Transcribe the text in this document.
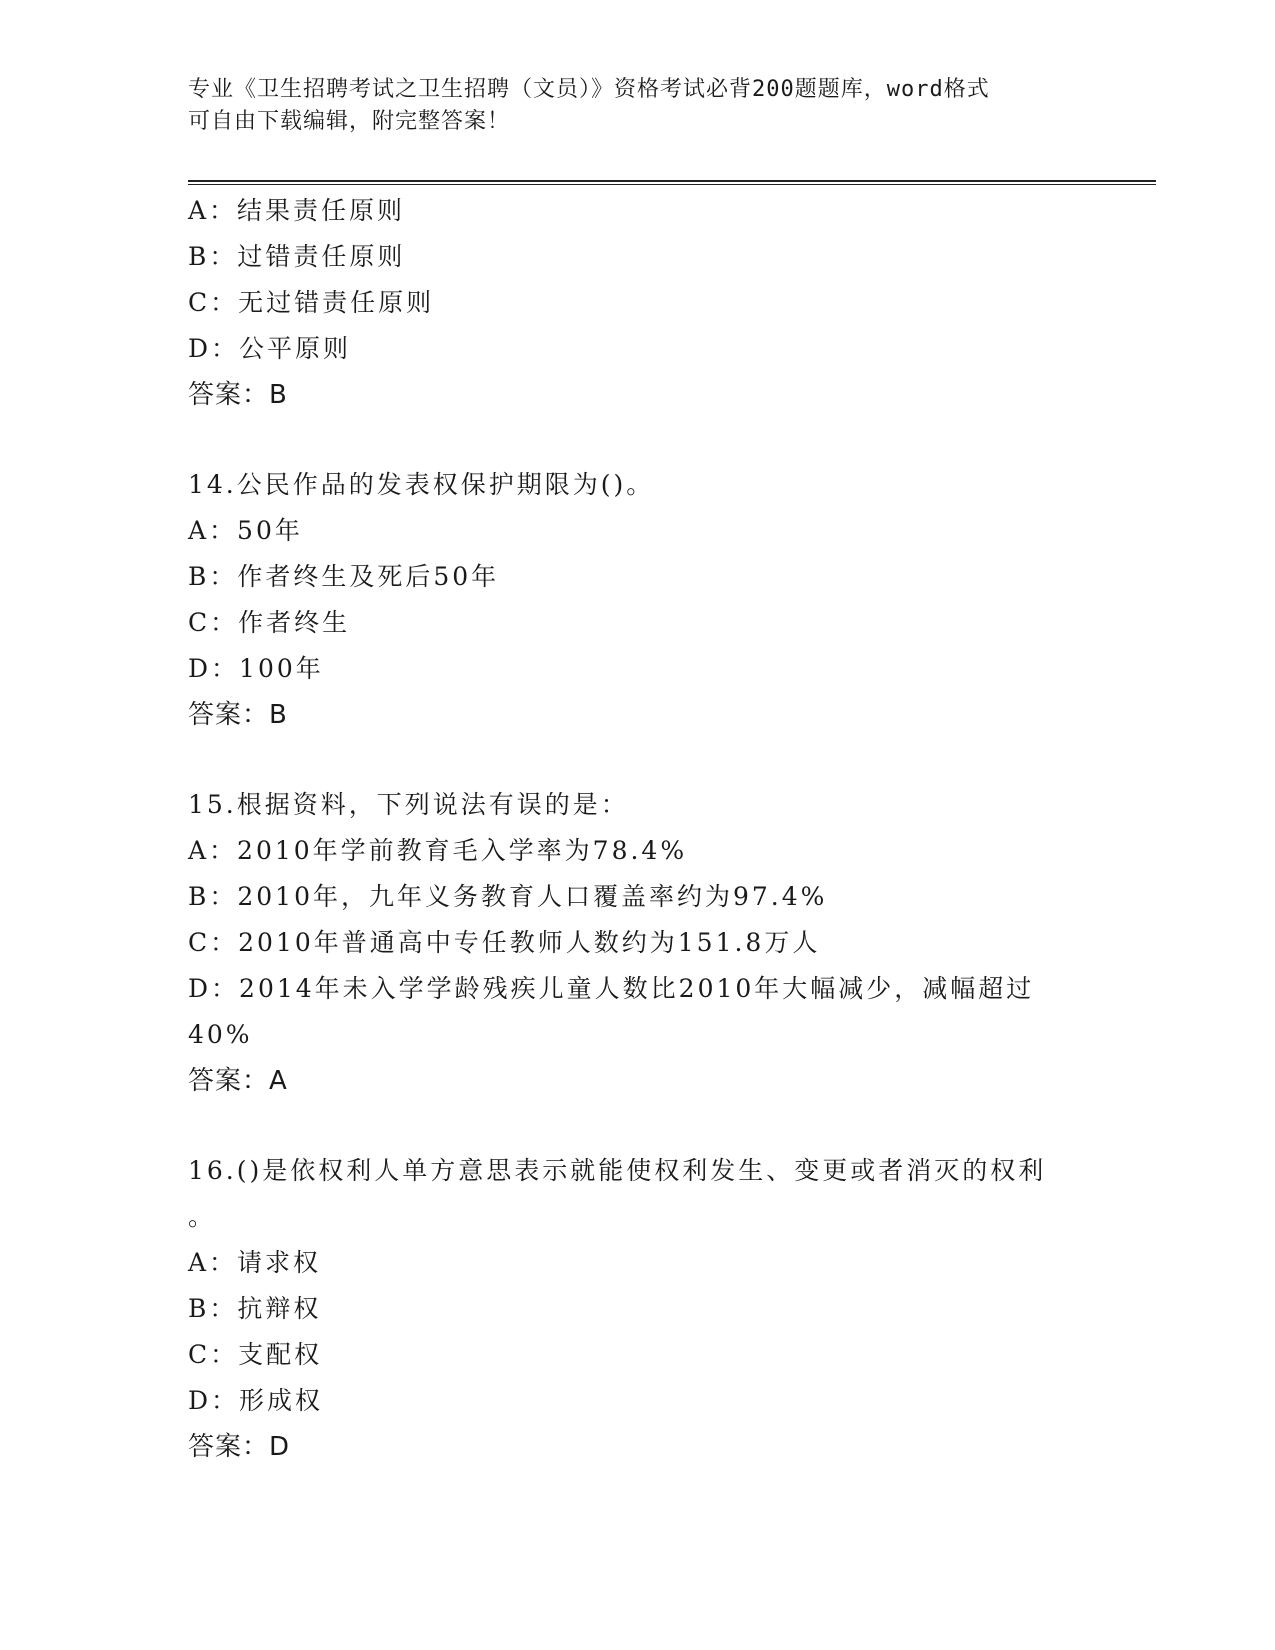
专业《卫生招聘考试之卫生招聘（文员）》资格考试必背200题题库，word格式
可自由下载编辑，附完整答案！
A：结果责任原则
B：过错责任原则
C：无过错责任原则
D：公平原则
答案：B
14.公民作品的发表权保护期限为()。
A：50年
B：作者终生及死后50年
C：作者终生
D：100年
答案：B
15.根据资料，下列说法有误的是：
A：2010年学前教育毛入学率为78.4%
B：2010年，九年义务教育人口覆盖率约为97.4%
C：2010年普通高中专任教师人数约为151.8万人
D：2014年未入学学龄残疾儿童人数比2010年大幅减少，减幅超过
40%
答案：A
16.()是依权利人单方意思表示就能使权利发生、变更或者消灭的权利
。
A：请求权
B：抗辩权
C：支配权
D：形成权
答案：D
